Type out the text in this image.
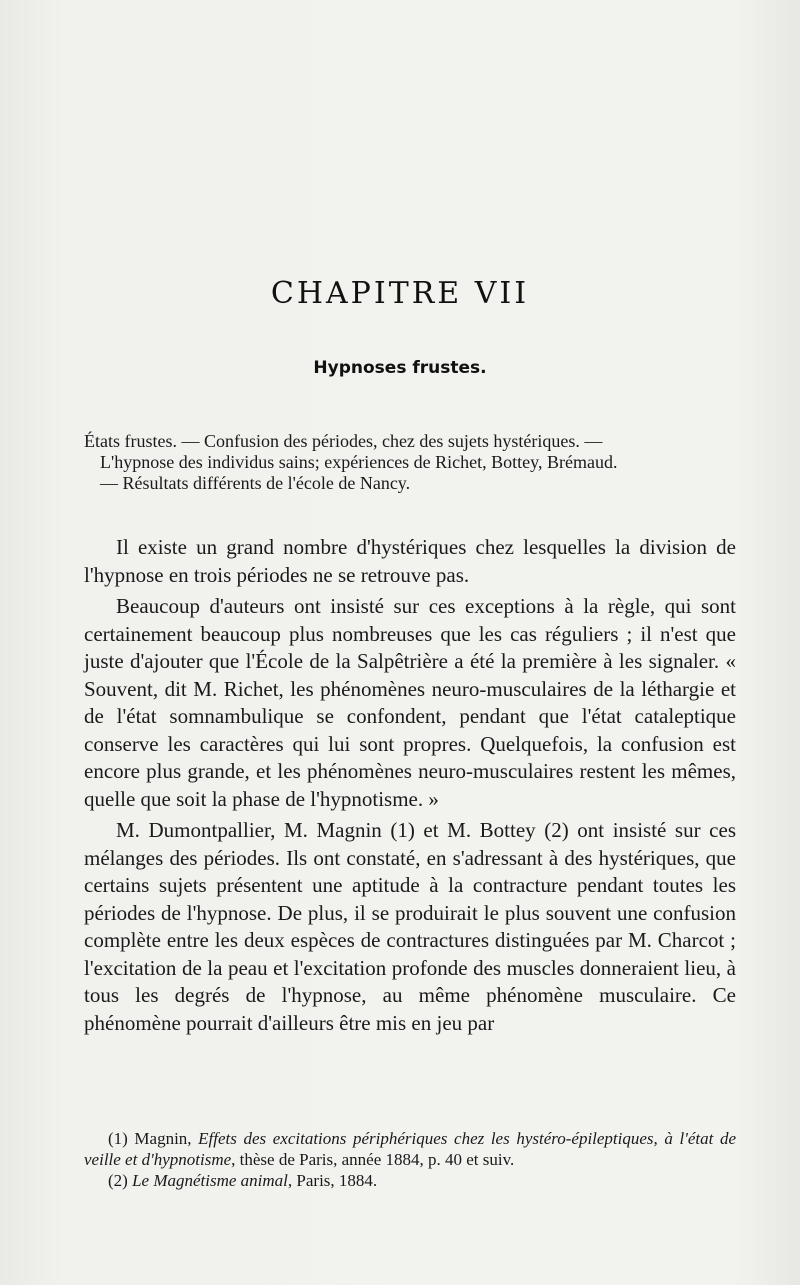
CHAPITRE VII
Hypnoses frustes.

États frustes. — Confusion des périodes, chez des sujets hystériques. —

L'hypnose des individus sains; expériences de Richet, Bottey, Brémaud.

— Résultats différents de l'école de Nancy.

Il existe un grand nombre d'hystériques chez lesquelles la division de l'hypnose en trois périodes ne se retrouve pas.

Beaucoup d'auteurs ont insisté sur ces exceptions à la règle, qui sont certainement beaucoup plus nombreuses que les cas réguliers ; il n'est que juste d'ajouter que l'École de la Salpêtrière a été la première à les signaler. « Souvent, dit M. Richet, les phénomènes neuro-musculaires de la léthargie et de l'état somnambulique se confondent, pendant que l'état cataleptique conserve les caractères qui lui sont propres. Quelquefois, la confusion est encore plus grande, et les phénomènes neuro-musculaires restent les mêmes, quelle que soit la phase de l'hypnotisme. »

M. Dumontpallier, M. Magnin (1) et M. Bottey (2) ont insisté sur ces mélanges des périodes. Ils ont constaté, en s'adressant à des hystériques, que certains sujets présentent une aptitude à la contracture pendant toutes les périodes de l'hypnose. De plus, il se produirait le plus souvent une confusion complète entre les deux espèces de contractures distinguées par M. Charcot ; l'excitation de la peau et l'excitation profonde des muscles donneraient lieu, à tous les degrés de l'hypnose, au même phénomène musculaire. Ce phénomène pourrait d'ailleurs être mis en jeu par

(1) Magnin, Effets des excitations périphériques chez les hystéro-épileptiques, à l'état de veille et d'hypnotisme, thèse de Paris, année 1884, p. 40 et suiv.

(2) Le Magnétisme animal, Paris, 1884.
